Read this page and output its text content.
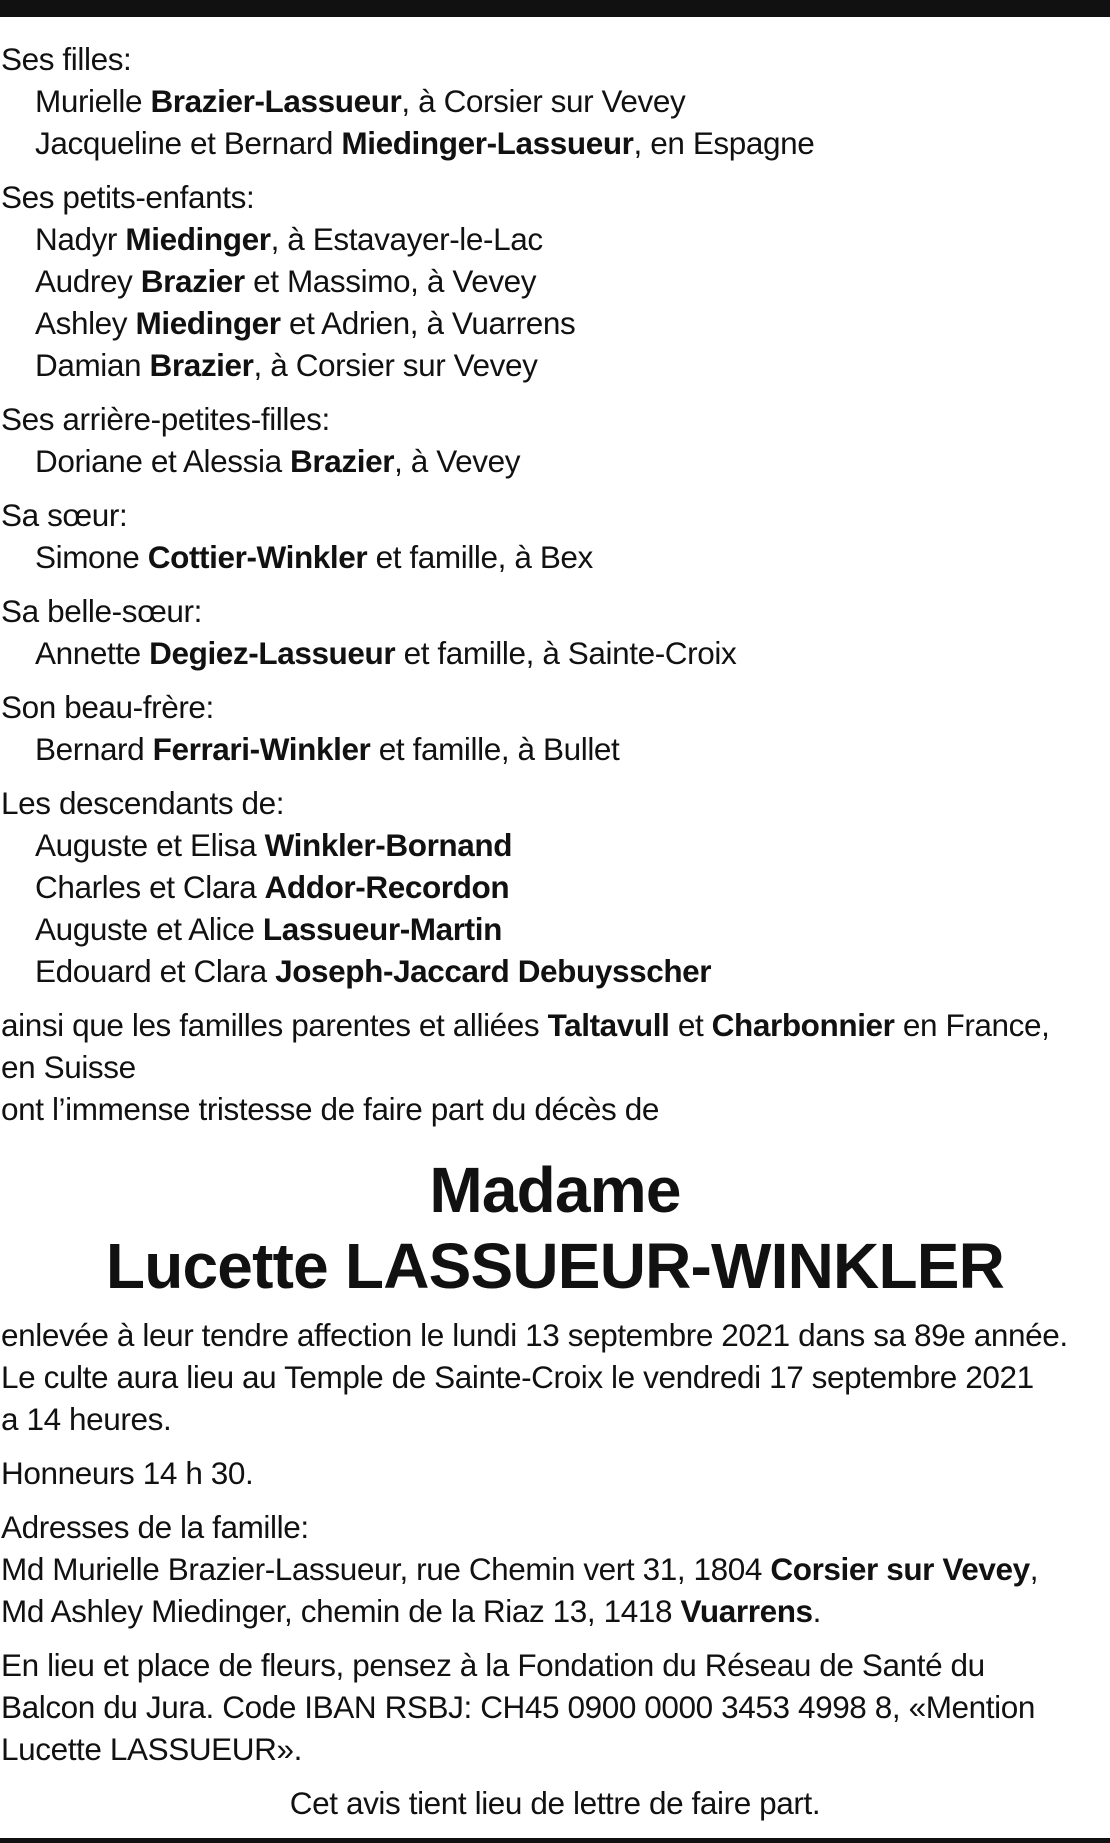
Ses filles:
Murielle Brazier-Lassueur, à Corsier sur Vevey
Jacqueline et Bernard Miedinger-Lassueur, en Espagne
Ses petits-enfants:
Nadyr Miedinger, à Estavayer-le-Lac
Audrey Brazier et Massimo, à Vevey
Ashley Miedinger et Adrien, à Vuarrens
Damian Brazier, à Corsier sur Vevey
Ses arrière-petites-filles:
Doriane et Alessia Brazier, à Vevey
Sa sœur:
Simone Cottier-Winkler et famille, à Bex
Sa belle-sœur:
Annette Degiez-Lassueur et famille, à Sainte-Croix
Son beau-frère:
Bernard Ferrari-Winkler et famille, à Bullet
Les descendants de:
Auguste et Elisa Winkler-Bornand
Charles et Clara Addor-Recordon
Auguste et Alice Lassueur-Martin
Edouard et Clara Joseph-Jaccard Debuysscher
ainsi que les familles parentes et alliées Taltavull et Charbonnier en France,
en Suisse
ont l’immense tristesse de faire part du décès de
Madame
Lucette LASSUEUR-WINKLER
enlevée à leur tendre affection le lundi 13 septembre 2021 dans sa 89e année.
Le culte aura lieu au Temple de Sainte-Croix le vendredi 17 septembre 2021
a 14 heures.
Honneurs 14 h 30.
Adresses de la famille:
Md Murielle Brazier-Lassueur, rue Chemin vert 31, 1804 Corsier sur Vevey,
Md Ashley Miedinger, chemin de la Riaz 13, 1418 Vuarrens.
En lieu et place de fleurs, pensez à la Fondation du Réseau de Santé du
Balcon du Jura. Code IBAN RSBJ: CH45 0900 0000 3453 4998 8, «Mention
Lucette LASSUEUR».
Cet avis tient lieu de lettre de faire part.
